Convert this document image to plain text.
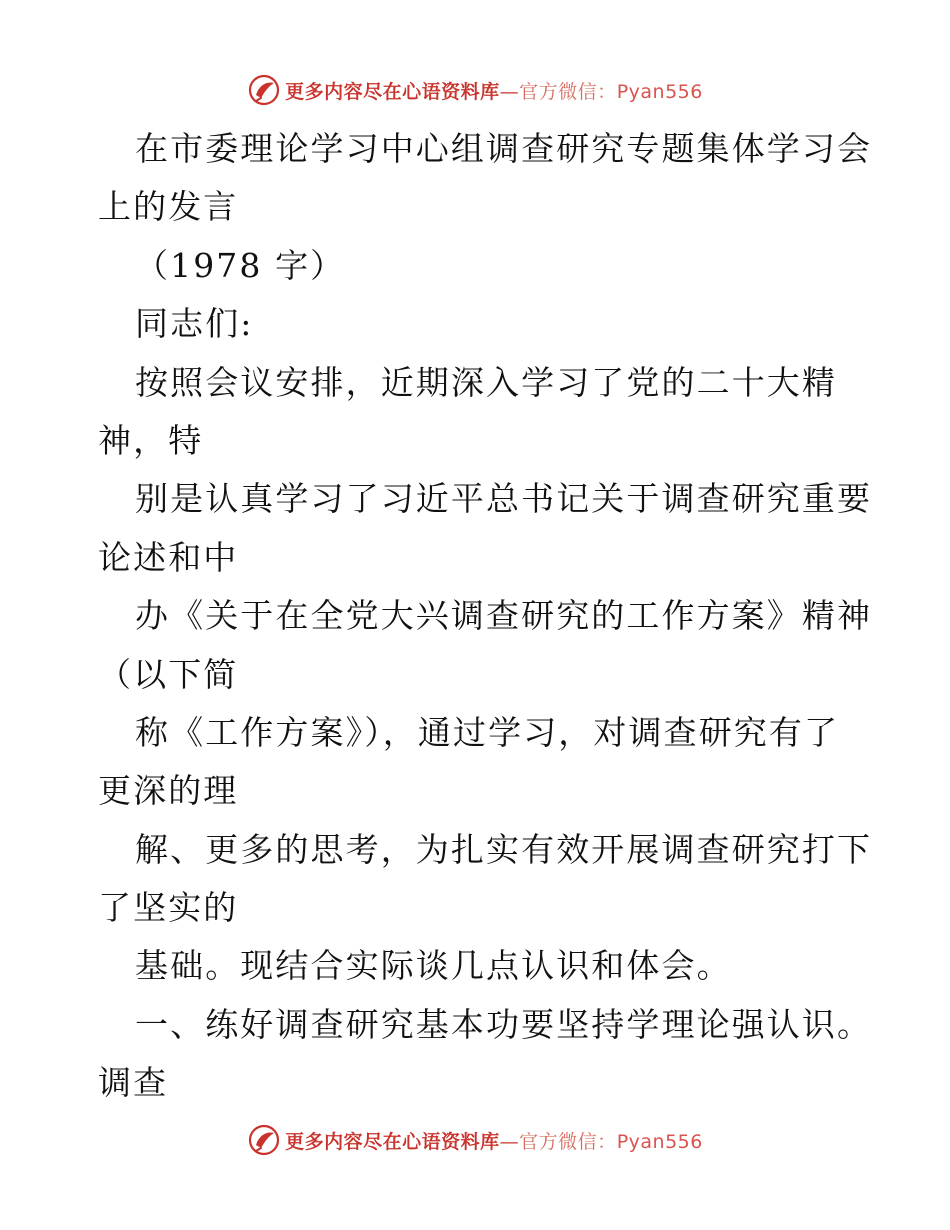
更多内容尽在心语资料库—官方微信：Pyan556
在市委理论学习中心组调查研究专题集体学习会
上的发言
（1978 字）
同志们:
按照会议安排，近期深入学习了党的二十大精
神，特
别是认真学习了习近平总书记关于调查研究重要
论述和中
办《关于在全党大兴调查研究的工作方案》精神
（以下简
称《工作方案》），通过学习，对调查研究有了
更深的理
解、更多的思考，为扎实有效开展调查研究打下
了坚实的
基础。现结合实际谈几点认识和体会。
一、练好调查研究基本功要坚持学理论强认识。
调查
更多内容尽在心语资料库—官方微信：Pyan556
